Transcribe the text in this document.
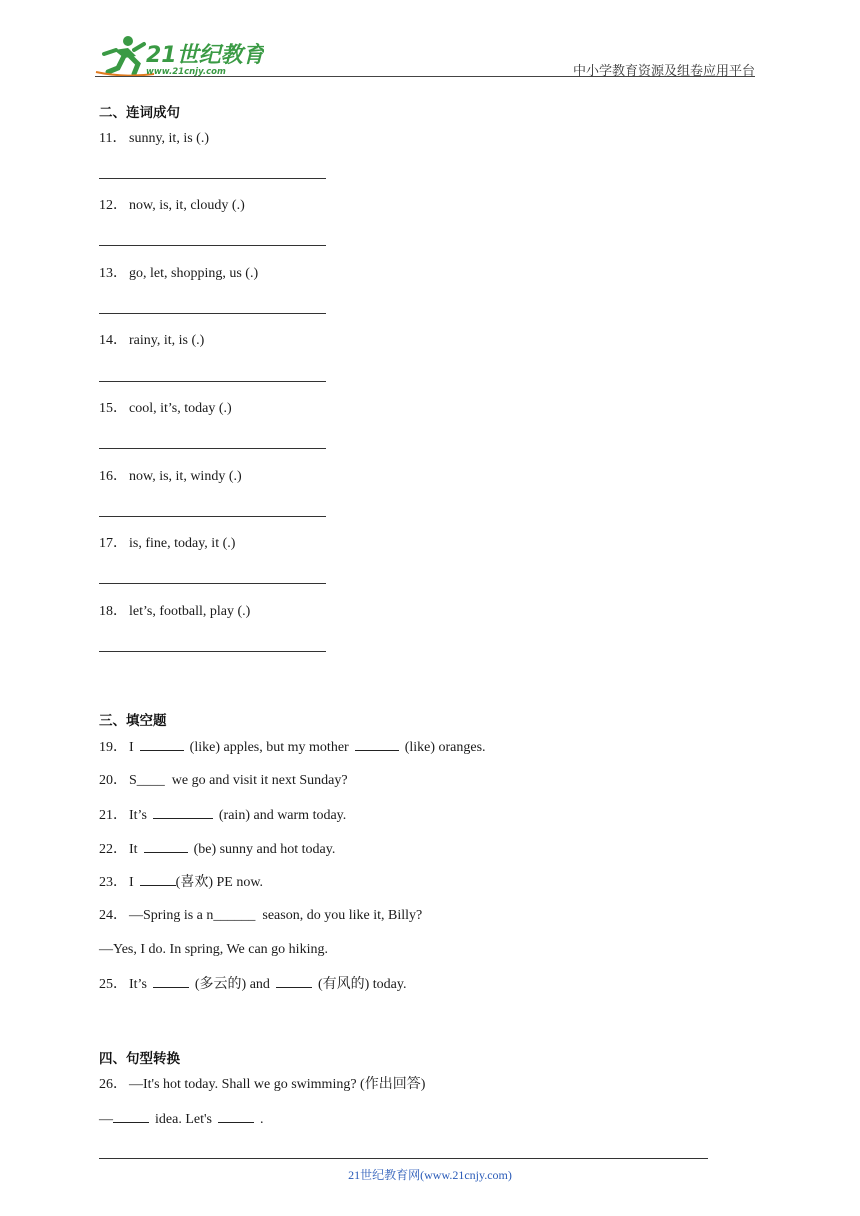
21世纪教育
www.21cnjy.com	中小学教育资源及组卷应用平台
二、连词成句
11． sunny, it, is (.)
12． now, is, it, cloudy (.)
13． go, let, shopping, us (.)
14． rainy, it, is (.)
15． cool, it’s, today (.)
16． now, is, it, windy (.)
17． is, fine, today, it (.)
18． let’s, football, play (.)
三、填空题
19． I	(like) apples, but my mother	(like) oranges.
20． S____ we go and visit it next Sunday?
21． It’s	(rain) and warm today.
22． It	(be) sunny and hot today.
23． I	(喜欢) PE now.
24． —Spring is a n______ season, do you like it, Billy?
—Yes, I do. In spring, We can go hiking.
25． It’s	(多云的) and	(有风的) today.
四、句型转换
26． —It's hot today. Shall we go swimming? (作出回答)
—	idea. Let's	.
21世纪教育网(www.21cnjy.com)
